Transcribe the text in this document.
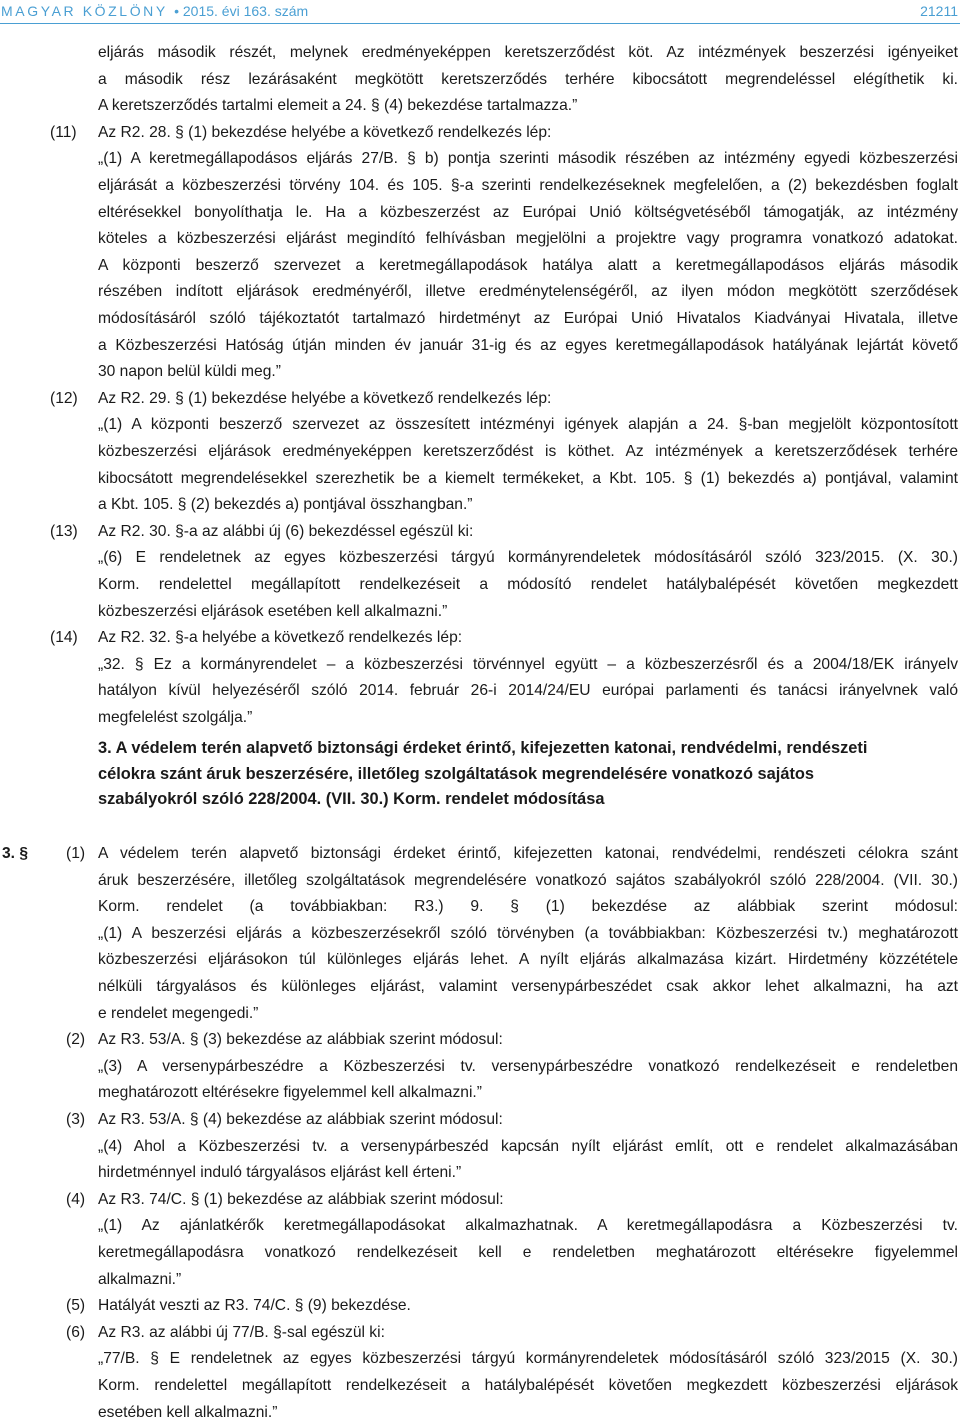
MAGYAR KÖZLÖNY • 2015. évi 163. szám	21211
eljárás második részét, melynek eredményeképpen keretszerződést köt. Az intézmények beszerzési igényeiket
a második rész lezárásaként megkötött keretszerződés terhére kibocsátott megrendeléssel elégíthetik ki.
A keretszerződés tartalmi elemeit a 24. § (4) bekezdése tartalmazza.”
(11) Az R2. 28. § (1) bekezdése helyébe a következő rendelkezés lép:
„(1) A keretmegállapodásos eljárás 27/B. § b) pontja szerinti második részében az intézmény egyedi közbeszerzési
eljárását a közbeszerzési törvény 104. és 105. §-a szerinti rendelkezéseknek megfelelően, a (2) bekezdésben foglalt
eltérésekkel bonyolíthatja le. Ha a közbeszerzést az Európai Unió költségvetéséből támogatják, az intézmény
köteles a közbeszerzési eljárást megindító felhívásban megjelölni a projektre vagy programra vonatkozó adatokat.
A központi beszerző szervezet a keretmegállapodások hatálya alatt a keretmegállapodásos eljárás második
részében indított eljárások eredményéről, illetve eredménytelenségéről, az ilyen módon megkötött szerződések
módosításáról szóló tájékoztatót tartalmazó hirdetményt az Európai Unió Hivatalos Kiadványai Hivatala, illetve
a Közbeszerzési Hatóság útján minden év január 31-ig és az egyes keretmegállapodások hatályának lejártát követő
30 napon belül küldi meg.”
(12) Az R2. 29. § (1) bekezdése helyébe a következő rendelkezés lép:
„(1) A központi beszerző szervezet az összesített intézményi igények alapján a 24. §-ban megjelölt központosított
közbeszerzési eljárások eredményeképpen keretszerződést is köthet. Az intézmények a keretszerződések terhére
kibocsátott megrendelésekkel szerezhetik be a kiemelt termékeket, a Kbt. 105. § (1) bekezdés a) pontjával, valamint
a Kbt. 105. § (2) bekezdés a) pontjával összhangban.”
(13) Az R2. 30. §-a az alábbi új (6) bekezdéssel egészül ki:
„(6) E rendeletnek az egyes közbeszerzési tárgyú kormányrendeletek módosításáról szóló 323/2015. (X. 30.)
Korm. rendelettel megállapított rendelkezéseit a módosító rendelet hatálybalépését követően megkezdett
közbeszerzési eljárások esetében kell alkalmazni.”
(14) Az R2. 32. §-a helyébe a következő rendelkezés lép:
„32. § Ez a kormányrendelet – a közbeszerzési törvénnyel együtt – a közbeszerzésről és a 2004/18/EK irányelv
hatályon kívül helyezéséről szóló 2014. február 26-i 2014/24/EU európai parlamenti és tanácsi irányelvnek való
megfelelést szolgálja.”
3. A védelem terén alapvető biztonsági érdeket érintő, kifejezetten katonai, rendvédelmi, rendészeti
célokra szánt áruk beszerzésére, illetőleg szolgáltatások megrendelésére vonatkozó sajátos
szabályokról szóló 228/2004. (VII. 30.) Korm. rendelet módosítása
3. § (1) A védelem terén alapvető biztonsági érdeket érintő, kifejezetten katonai, rendvédelmi, rendészeti célokra szánt
áruk beszerzésére, illetőleg szolgáltatások megrendelésére vonatkozó sajátos szabályokról szóló 228/2004. (VII. 30.)
Korm. rendelet (a továbbiakban: R3.) 9. § (1) bekezdése az alábbiak szerint módosul:
„(1) A beszerzési eljárás a közbeszerzésekről szóló törvényben (a továbbiakban: Közbeszerzési tv.) meghatározott
közbeszerzési eljárásokon túl különleges eljárás lehet. A nyílt eljárás alkalmazása kizárt. Hirdetmény közzététele
nélküli tárgyalásos és különleges eljárást, valamint versenypárbeszédet csak akkor lehet alkalmazni, ha azt
e rendelet megengedi.”
(2) Az R3. 53/A. § (3) bekezdése az alábbiak szerint módosul:
„(3) A versenypárbeszédre a Közbeszerzési tv. versenypárbeszédre vonatkozó rendelkezéseit e rendeletben
meghatározott eltérésekre figyelemmel kell alkalmazni.”
(3) Az R3. 53/A. § (4) bekezdése az alábbiak szerint módosul:
„(4) Ahol a Közbeszerzési tv. a versenypárbeszéd kapcsán nyílt eljárást említ, ott e rendelet alkalmazásában
hirdetménnyel induló tárgyalásos eljárást kell érteni.”
(4) Az R3. 74/C. § (1) bekezdése az alábbiak szerint módosul:
„(1) Az ajánlatkérők keretmegállapodásokat alkalmazhatnak. A keretmegállapodásra a Közbeszerzési tv.
keretmegállapodásra vonatkozó rendelkezéseit kell e rendeletben meghatározott eltérésekre figyelemmel
alkalmazni.”
(5) Hatályát veszti az R3. 74/C. § (9) bekezdése.
(6) Az R3. az alábbi új 77/B. §-sal egészül ki:
„77/B. § E rendeletnek az egyes közbeszerzési tárgyú kormányrendeletek módosításáról szóló 323/2015 (X. 30.)
Korm. rendelettel megállapított rendelkezéseit a hatálybalépését követően megkezdett közbeszerzési eljárások
esetében kell alkalmazni.”
